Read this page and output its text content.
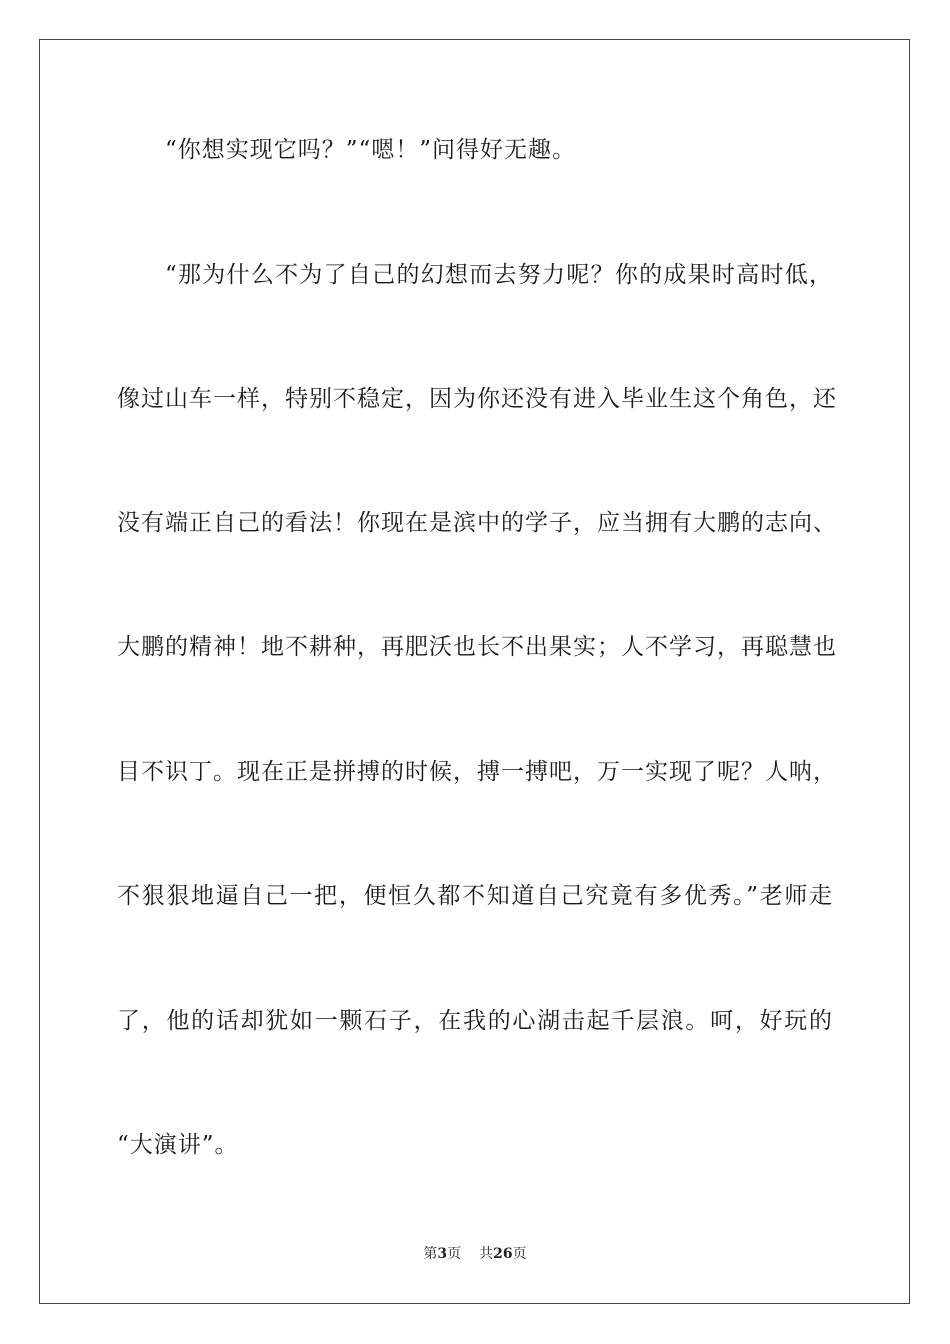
“你想实现它吗？”“嗯！”问得好无趣。

“那为什么不为了自己的幻想而去努力呢？你的成果时高时低，

像过山车一样，特别不稳定，因为你还没有进入毕业生这个角色，还

没有端正自己的看法！你现在是滨中的学子，应当拥有大鹏的志向、

大鹏的精神！地不耕种，再肥沃也长不出果实；人不学习，再聪慧也

目不识丁。现在正是拼搏的时候，搏一搏吧，万一实现了呢？人呐，

不狠狠地逼自己一把，便恒久都不知道自己究竟有多优秀。”老师走

了，他的话却犹如一颗石子，在我的心湖击起千层浪。呵，好玩的

“大演讲”。

第3页 共26页
